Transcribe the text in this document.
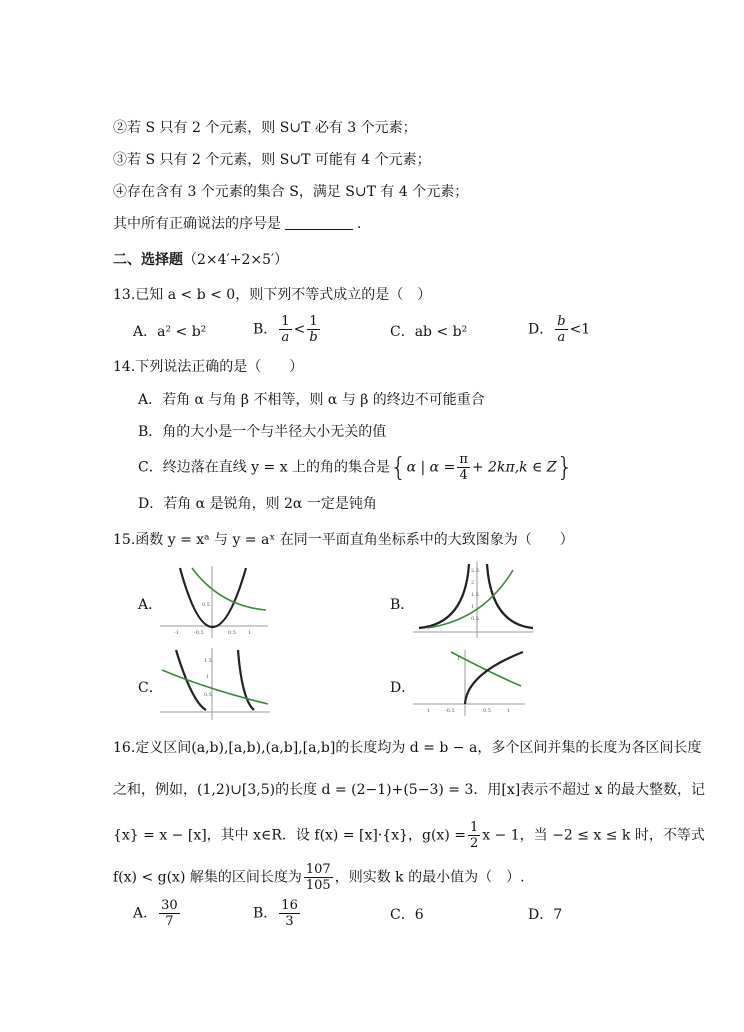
②若 S 只有 2 个元素，则 S∪T 必有 3 个元素；
③若 S 只有 2 个元素，则 S∪T 可能有 4 个元素；
④存在含有 3 个元素的集合 S，满足 S∪T 有 4 个元素；
其中所有正确说法的序号是	.
二、选择题（2×4′+2×5′）
13.已知 a < b < 0，则下列不等式成立的是（　）
A．a² < b²	B． $\frac{1}{a} < \frac{1}{b}$	C．ab < b²	D． $\frac{b}{a} <1$
14.下列说法正确的是（　　）
A．若角 α 与角 β 不相等，则 α 与 β 的终边不可能重合
B．角的大小是一个与半径大小无关的值
C．终边落在直线 y = x 上的角的集合是{α | $\alpha = \frac{\pi}{4} + 2k\pi,k$ ∈ Z}
D．若角 α 是锐角，则 2α 一定是钝角
15.函数 y = xᵃ 与 y = aˣ 在同一平面直角坐标系中的大致图象为（　　）
A．	0.5
-1	-0.5	0.5 1
B．
2.5
2
1.5
1
0.5
C．
1.5
1
0.5	D．
1
1	-0.5	0.5	1
16.定义区间(a,b),[a,b),(a,b],[a,b]的长度均为 d = b − a，多个区间并集的长度为各区间长度
之和，例如，(1,2)∪[3,5)的长度 d = (2−1)+(5−3) = 3．用[x]表示不超过 x 的最大整数，记
{x} = x − [x]，其中 x∈R．设 f(x) = [x]·{x}，$g(x) = \frac{1}{2}$ x − 1，当 −2 ≤ x ≤ k 时，不等式
f(x) < g(x) 解集的区间长度为 $\frac{107}{105}$ ，则实数 k 的最小值为（　）.
A． $\frac{30}{7}$	B． $\frac{16}{3}$	C．6	D．7
